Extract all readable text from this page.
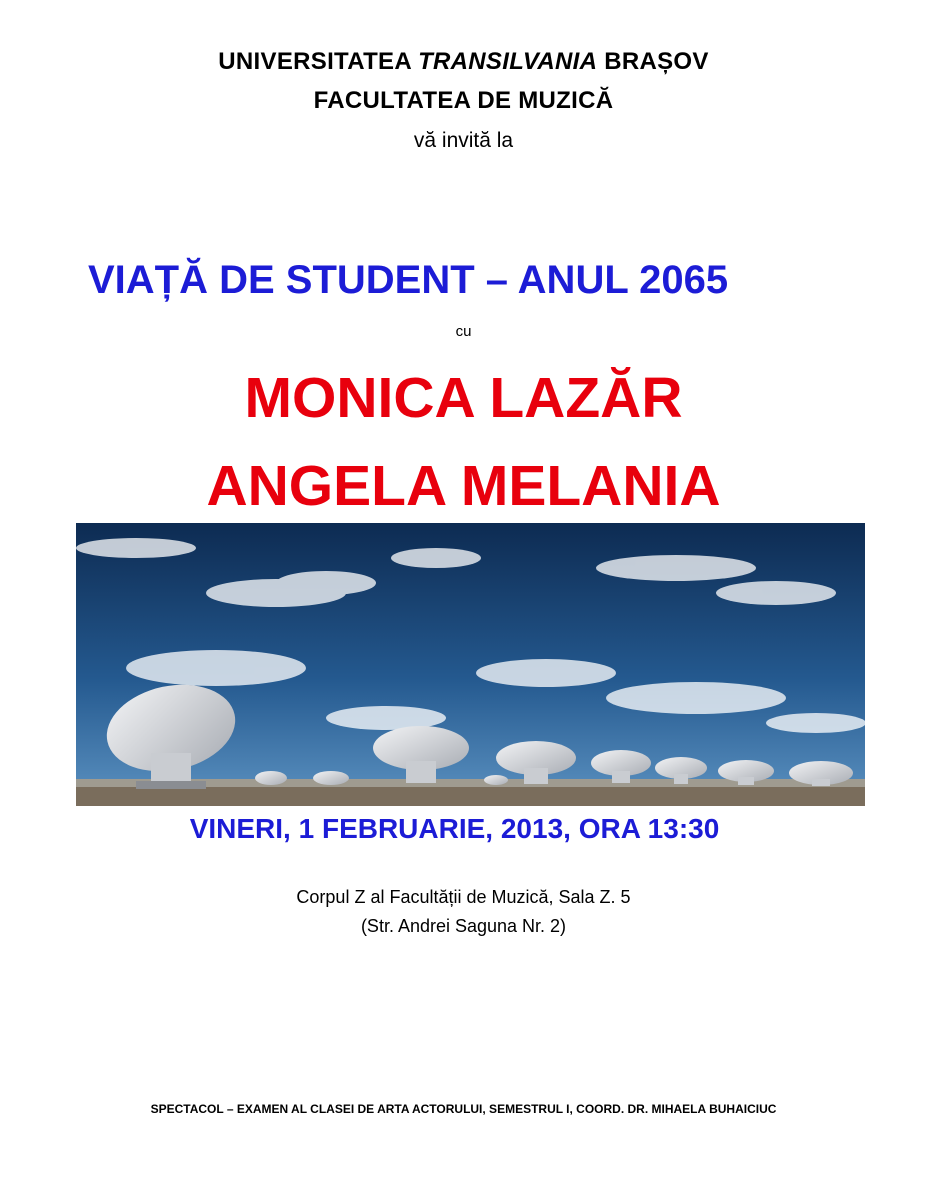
UNIVERSITATEA TRANSILVANIA BRAȘOV
FACULTATEA DE MUZICĂ
vă invită la
VIAȚĂ DE STUDENT – ANUL 2065
cu
MONICA LAZĂR
ANGELA MELANIA
VINERI, 1 FEBRUARIE, 2013, ORA 13:30
Corpul Z al Facultății de Muzică, Sala Z. 5
(Str. Andrei Saguna Nr. 2)
SPECTACOL – EXAMEN AL CLASEI DE ARTA ACTORULUI, SEMESTRUL I, COORD. DR. MIHAELA BUHAICIUC
